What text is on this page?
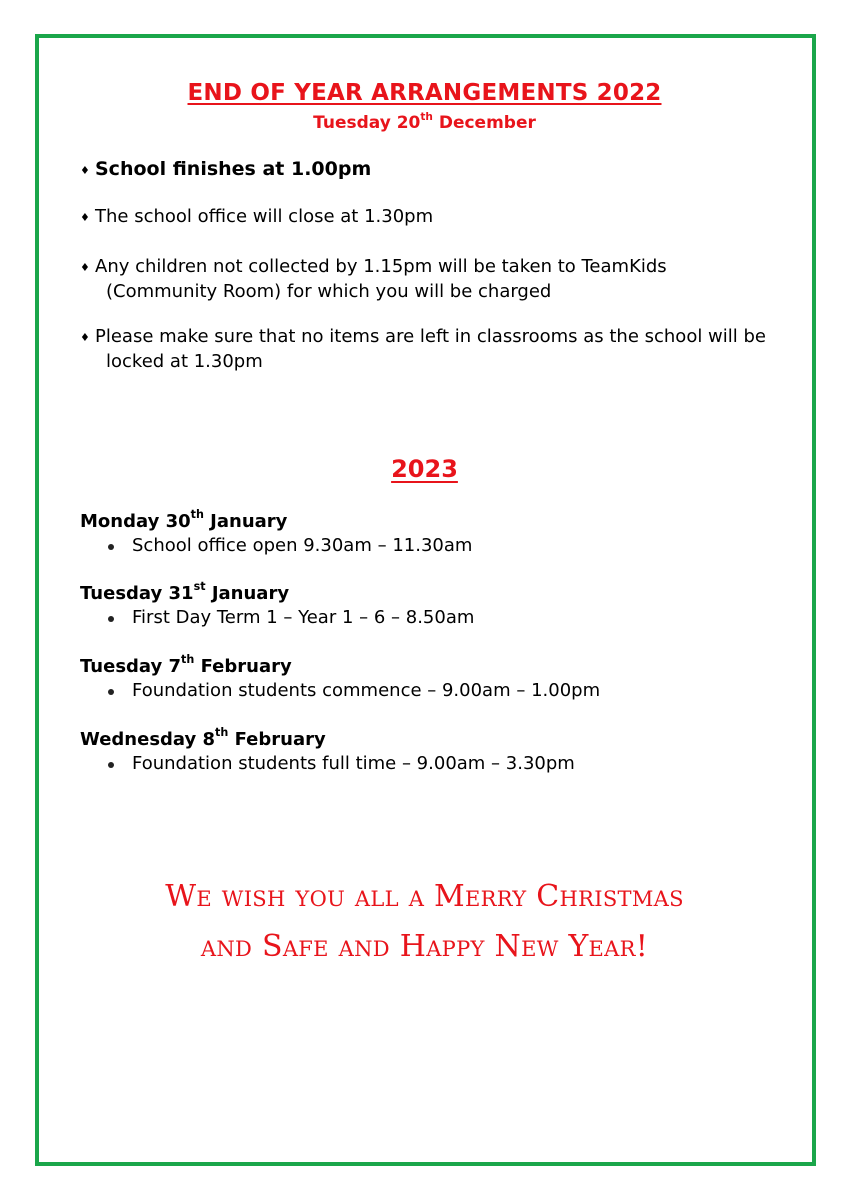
END OF YEAR ARRANGEMENTS 2022
Tuesday 20th December
♦ School finishes at 1.00pm
♦ The school office will close at 1.30pm
♦ Any children not collected by 1.15pm will be taken to TeamKids
(Community Room) for which you will be charged
♦ Please make sure that no items are left in classrooms as the school will be
locked at 1.30pm
2023
Monday 30th January
School office open 9.30am – 11.30am
Tuesday 31st January
First Day Term 1 – Year 1 – 6 – 8.50am
Tuesday 7th February
Foundation students commence – 9.00am – 1.00pm
Wednesday 8th February
Foundation students full time – 9.00am – 3.30pm
We wish you all a Merry Christmas
and Safe and Happy New Year!
